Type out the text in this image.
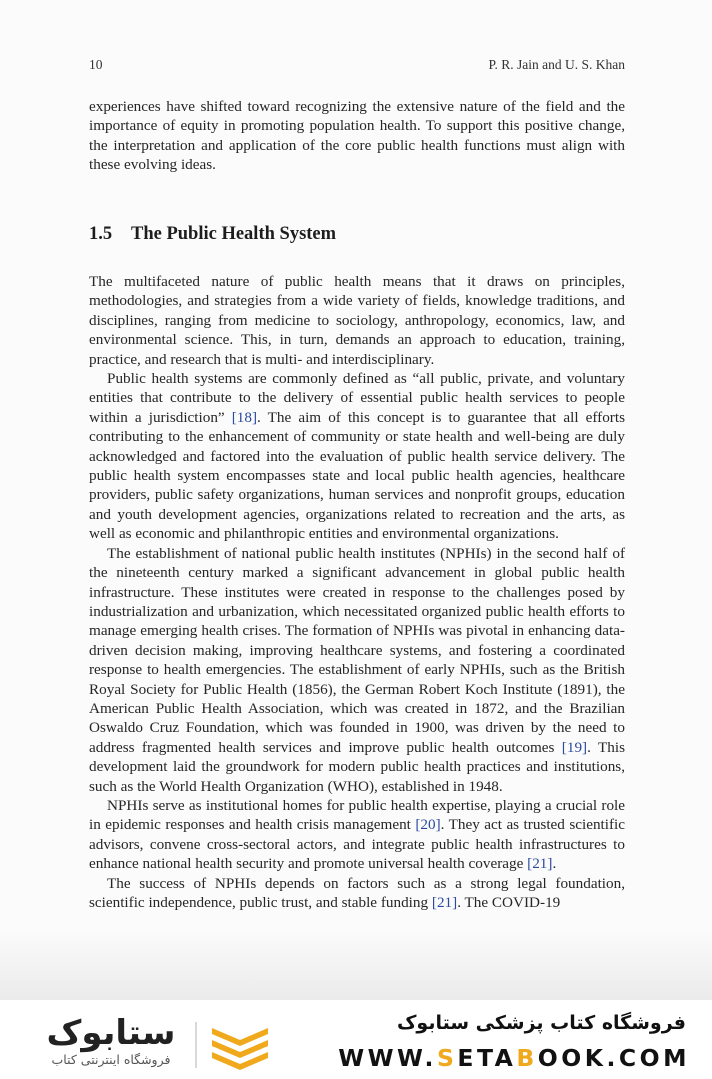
10	P. R. Jain and U. S. Khan

experiences have shifted toward recognizing the extensive nature of the field and the importance of equity in promoting population health. To support this positive change, the interpretation and application of the core public health functions must align with these evolving ideas.

1.5 The Public Health System

The multifaceted nature of public health means that it draws on principles, methodologies, and strategies from a wide variety of fields, knowledge traditions, and disciplines, ranging from medicine to sociology, anthropology, economics, law, and environmental science. This, in turn, demands an approach to education, training, practice, and research that is multi- and interdisciplinary.

Public health systems are commonly defined as “all public, private, and voluntary entities that contribute to the delivery of essential public health services to people within a jurisdiction” [18]. The aim of this concept is to guarantee that all efforts contributing to the enhancement of community or state health and well-being are duly acknowledged and factored into the evaluation of public health service delivery. The public health system encompasses state and local public health agencies, healthcare providers, public safety organizations, human services and nonprofit groups, education and youth development agencies, organizations related to recreation and the arts, as well as economic and philanthropic entities and environmental organizations.

The establishment of national public health institutes (NPHIs) in the second half of the nineteenth century marked a significant advancement in global public health infrastructure. These institutes were created in response to the challenges posed by industrialization and urbanization, which necessitated organized public health efforts to manage emerging health crises. The formation of NPHIs was pivotal in enhancing data-driven decision making, improving healthcare systems, and fostering a coordinated response to health emergencies. The establishment of early NPHIs, such as the British Royal Society for Public Health (1856), the German Robert Koch Institute (1891), the American Public Health Association, which was created in 1872, and the Brazilian Oswaldo Cruz Foundation, which was founded in 1900, was driven by the need to address fragmented health services and improve public health outcomes [19]. This development laid the groundwork for modern public health practices and institutions, such as the World Health Organization (WHO), established in 1948.

NPHIs serve as institutional homes for public health expertise, playing a crucial role in epidemic responses and health crisis management [20]. They act as trusted scientific advisors, convene cross-sectoral actors, and integrate public health infrastructures to enhance national health security and promote universal health coverage [21].

The success of NPHIs depends on factors such as a strong legal foundation, scientific independence, public trust, and stable funding [21]. The COVID-19

ستابوک
فروشگاه اینترنتی کتاب
فروشگاه کتاب پزشکی ستابوک
WWW.SETABOOK.COM
